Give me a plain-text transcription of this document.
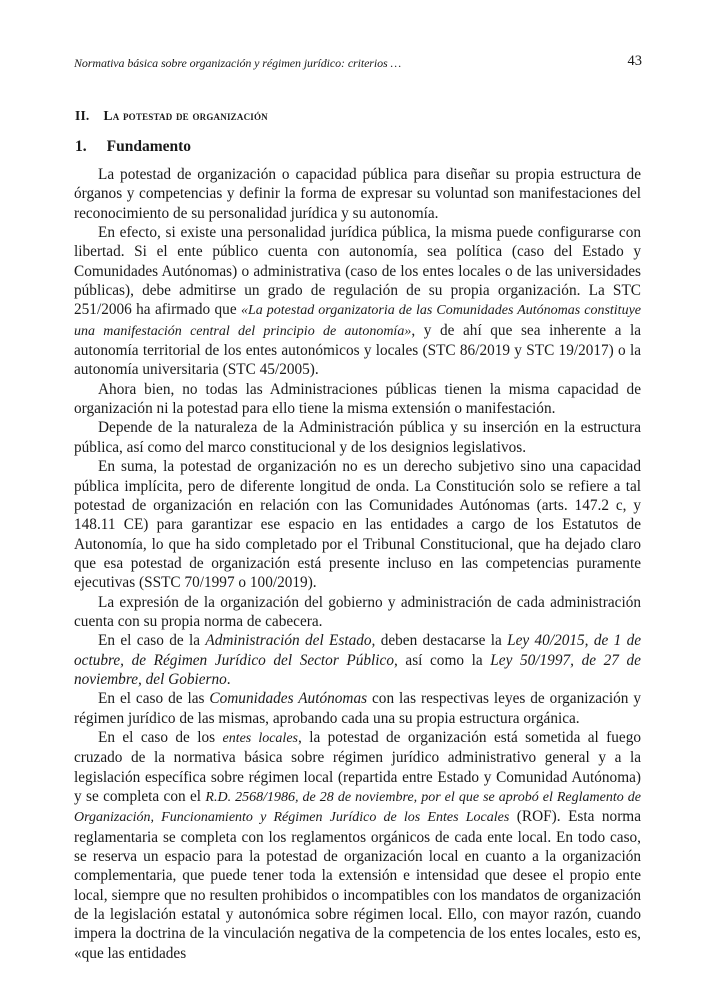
Normativa básica sobre organización y régimen jurídico: criterios …	43
II. La potestad de organización
1. Fundamento

La potestad de organización o capacidad pública para diseñar su propia estructura de órganos y competencias y definir la forma de expresar su voluntad son manifestaciones del reconocimiento de su personalidad jurídica y su autonomía.

En efecto, si existe una personalidad jurídica pública, la misma puede configurarse con libertad. Si el ente público cuenta con autonomía, sea política (caso del Estado y Comunidades Autónomas) o administrativa (caso de los entes locales o de las universidades públicas), debe admitirse un grado de regulación de su propia organización. La STC 251/2006 ha afirmado que «La potestad organizatoria de las Comunidades Autónomas constituye una manifestación central del principio de autonomía», y de ahí que sea inherente a la autonomía territorial de los entes autonómicos y locales (STC 86/2019 y STC 19/2017) o la autonomía universitaria (STC 45/2005).

Ahora bien, no todas las Administraciones públicas tienen la misma capacidad de organización ni la potestad para ello tiene la misma extensión o manifestación.

Depende de la naturaleza de la Administración pública y su inserción en la estructura pública, así como del marco constitucional y de los designios legislativos.

En suma, la potestad de organización no es un derecho subjetivo sino una capacidad pública implícita, pero de diferente longitud de onda. La Constitución solo se refiere a tal potestad de organización en relación con las Comunidades Autónomas (arts. 147.2 c, y 148.11 CE) para garantizar ese espacio en las entidades a cargo de los Estatutos de Autonomía, lo que ha sido completado por el Tribunal Constitucional, que ha dejado claro que esa potestad de organización está presente incluso en las competencias puramente ejecutivas (SSTC 70/1997 o 100/2019).

La expresión de la organización del gobierno y administración de cada administración cuenta con su propia norma de cabecera.

En el caso de la Administración del Estado, deben destacarse la Ley 40/2015, de 1 de octubre, de Régimen Jurídico del Sector Público, así como la Ley 50/1997, de 27 de noviembre, del Gobierno.

En el caso de las Comunidades Autónomas con las respectivas leyes de organización y régimen jurídico de las mismas, aprobando cada una su propia estructura orgánica.

En el caso de los entes locales, la potestad de organización está sometida al fuego cruzado de la normativa básica sobre régimen jurídico administrativo general y a la legislación específica sobre régimen local (repartida entre Estado y Comunidad Autónoma) y se completa con el R.D. 2568/1986, de 28 de noviembre, por el que se aprobó el Reglamento de Organización, Funcionamiento y Régimen Jurídico de los Entes Locales (ROF). Esta norma reglamentaria se completa con los reglamentos orgánicos de cada ente local. En todo caso, se reserva un espacio para la potestad de organización local en cuanto a la organización complementaria, que puede tener toda la extensión e intensidad que desee el propio ente local, siempre que no resulten prohibidos o incompatibles con los mandatos de organización de la legislación estatal y autonómica sobre régimen local. Ello, con mayor razón, cuando impera la doctrina de la vinculación negativa de la competencia de los entes locales, esto es, «que las entidades
